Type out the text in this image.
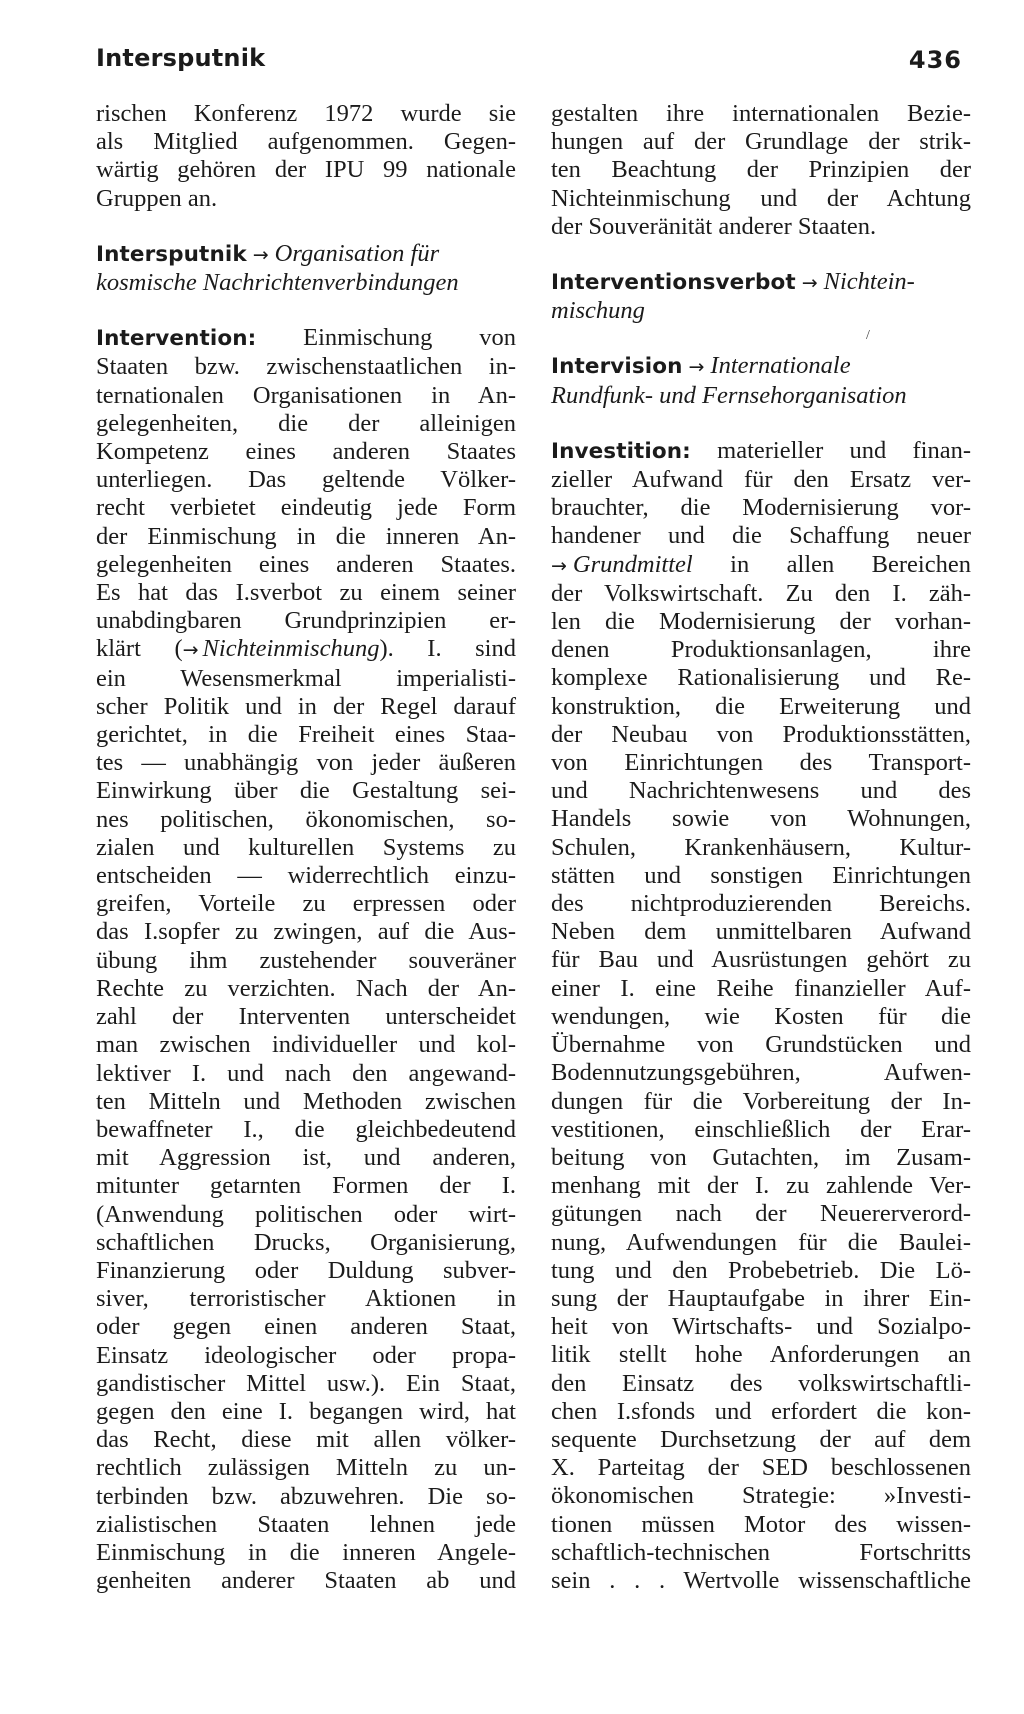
Intersputnik	436
/
rischen Konferenz 1972 wurde sie
als Mitglied aufgenommen. Gegen-
wärtig gehören der IPU 99 nationale
Gruppen an.
Intersputnik → Organisation für
kosmische Nachrichtenverbindungen
Intervention: Einmischung von
Staaten bzw. zwischenstaatlichen in-
ternationalen Organisationen in An-
gelegenheiten, die der alleinigen
Kompetenz eines anderen Staates
unterliegen. Das geltende Völker-
recht verbietet eindeutig jede Form
der Einmischung in die inneren An-
gelegenheiten eines anderen Staates.
Es hat das I.sverbot zu einem seiner
unabdingbaren Grundprinzipien er-
klärt (→ Nichteinmischung). I. sind
ein Wesensmerkmal imperialisti-
scher Politik und in der Regel darauf
gerichtet, in die Freiheit eines Staa-
tes — unabhängig von jeder äußeren
Einwirkung über die Gestaltung sei-
nes politischen, ökonomischen, so-
zialen und kulturellen Systems zu
entscheiden — widerrechtlich einzu-
greifen, Vorteile zu erpressen oder
das I.sopfer zu zwingen, auf die Aus-
übung ihm zustehender souveräner
Rechte zu verzichten. Nach der An-
zahl der Interventen unterscheidet
man zwischen individueller und kol-
lektiver I. und nach den angewand-
ten Mitteln und Methoden zwischen
bewaffneter I., die gleichbedeutend
mit Aggression ist, und anderen,
mitunter getarnten Formen der I.
(Anwendung politischen oder wirt-
schaftlichen Drucks, Organisierung,
Finanzierung oder Duldung subver-
siver, terroristischer Aktionen in
oder gegen einen anderen Staat,
Einsatz ideologischer oder propa-
gandistischer Mittel usw.). Ein Staat,
gegen den eine I. begangen wird, hat
das Recht, diese mit allen völker-
rechtlich zulässigen Mitteln zu un-
terbinden bzw. abzuwehren. Die so-
zialistischen Staaten lehnen jede
Einmischung in die inneren Angele-
genheiten anderer Staaten ab und
gestalten ihre internationalen Bezie-
hungen auf der Grundlage der strik-
ten Beachtung der Prinzipien der
Nichteinmischung und der Achtung
der Souveränität anderer Staaten.
Interventionsverbot → Nichtein-
mischung
Intervision → Internationale
Rundfunk- und Fernsehorganisation
Investition: materieller und finan-
zieller Aufwand für den Ersatz ver-
brauchter, die Modernisierung vor-
handener und die Schaffung neuer
→ Grundmittel in allen Bereichen
der Volkswirtschaft. Zu den I. zäh-
len die Modernisierung der vorhan-
denen Produktionsanlagen, ihre
komplexe Rationalisierung und Re-
konstruktion, die Erweiterung und
der Neubau von Produktionsstätten,
von Einrichtungen des Transport-
und Nachrichtenwesens und des
Handels sowie von Wohnungen,
Schulen, Krankenhäusern, Kultur-
stätten und sonstigen Einrichtungen
des nichtproduzierenden Bereichs.
Neben dem unmittelbaren Aufwand
für Bau und Ausrüstungen gehört zu
einer I. eine Reihe finanzieller Auf-
wendungen, wie Kosten für die
Übernahme von Grundstücken und
Bodennutzungsgebühren, Aufwen-
dungen für die Vorbereitung der In-
vestitionen, einschließlich der Erar-
beitung von Gutachten, im Zusam-
menhang mit der I. zu zahlende Ver-
gütungen nach der Neuererverord-
nung, Aufwendungen für die Baulei-
tung und den Probebetrieb. Die Lö-
sung der Hauptaufgabe in ihrer Ein-
heit von Wirtschafts- und Sozialpo-
litik stellt hohe Anforderungen an
den Einsatz des volkswirtschaftli-
chen I.sfonds und erfordert die kon-
sequente Durchsetzung der auf dem
X. Parteitag der SED beschlossenen
ökonomischen Strategie: »Investi-
tionen müssen Motor des wissen-
schaftlich-technischen Fortschritts
sein . . . Wertvolle wissenschaftliche
